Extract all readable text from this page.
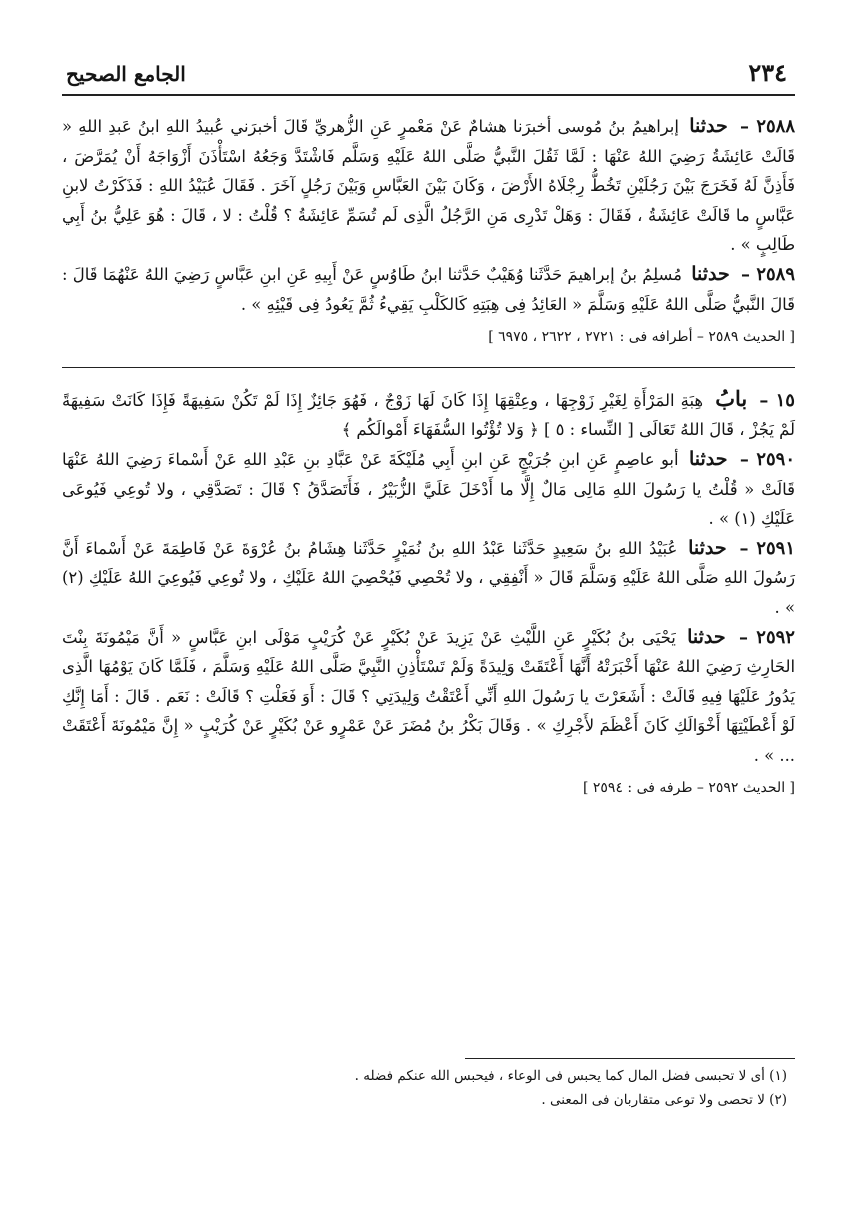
٢٣٤
الجامع الصحيح

٢٥٨٨ – حدثنا إبراهيمُ بنُ مُوسى أخبرَنا هشامٌ عَنْ مَعْمرٍ عَنِ الزُّهريِّ قَالَ أخبرَني عُبيدُ اللهِ ابنُ عَبدِ اللهِ « قَالَتْ عَائِشَةُ رَضِيَ اللهُ عَنْهَا : لَمَّا ثَقُلَ النَّبيُّ صَلَّى اللهُ عَلَيْهِ وَسَلَّم فَاشْتَدَّ وَجَعُهُ اسْتَأْذَنَ أَزْوَاجَهُ أَنْ يُمَرَّضَ ، فَأَذِنَّ لَهُ فَخَرَجَ بَيْنَ رَجُلَيْنِ تَخُطُّ رِجْلَاهُ الأَرْضَ ، وَكَانَ بَيْنَ العَبَّاسِ وَبَيْنَ رَجُلٍ آخَرَ . فَقَالَ عُبَيْدُ اللهِ : فَذَكَرْتُ لابنِ عَبَّاسٍ ما قَالَتْ عَائِشَةُ ، فَقَالَ : وَهَلْ تَدْرِى مَنِ الرَّجُلُ الَّذِى لَم تُسَمِّ عَائِشَةُ ؟ قُلْتُ : لا ، قَالَ : هُوَ عَلِيُّ بنُ أَبِي طَالِبٍ » .

٢٥٨٩ – حدثنا مُسلِمُ بنُ إبراهيمَ حَدَّثَنا وُهَيْبٌ حَدَّثنا ابنُ طَاوُسٍ عَنْ أَبِيهِ عَنِ ابنِ عَبَّاسٍ رَضِيَ اللهُ عَنْهُمَا قَالَ : قَالَ النَّبيُّ صَلَّى اللهُ عَلَيْهِ وَسَلَّمَ « العَائِدُ فِى هِبَتِهِ كَالكَلْبِ يَقِيءُ ثُمَّ يَعُودُ فِى قَيْئِهِ » .

[ الحديث ٢٥٨٩ – أطرافه فى : ٢٧٢١ ، ٢٦٢٢ ، ٦٩٧٥ ]

١٥ – بابُ هِبَةِ المَرْأَةِ لِغَيْرِ زَوْجِهَا ، وعِتْقِهَا إِذَا كَانَ لَهَا زَوْجٌ ، فَهُوَ جَائِزٌ إِذَا لَمْ تَكُنْ سَفِيهَةً فَإِذَا كَانَتْ سَفِيهَةً لَمْ يَجُزْ ، قَالَ اللهُ تَعَالَى [ النِّساء : ٥ ] ﴿ وَلا تُؤْتُوا السُّفَهَاءَ أَمْوالَكُم ﴾

٢٥٩٠ – حدثنا أبو عاصِمٍ عَنِ ابنِ جُرَيْجٍ عَنِ ابنِ أَبِي مُلَيْكَةَ عَنْ عَبَّادِ بنِ عَبْدِ اللهِ عَنْ أَسْماءَ رَضِيَ اللهُ عَنْهَا قَالَتْ « قُلْتُ يا رَسُولَ اللهِ مَالِى مَالٌ إِلَّا ما أَدْخَلَ عَلَيَّ الزُّبَيْرُ ، فَأَتَصَدَّقُ ؟ قَالَ : تَصَدَّقِي ، ولا تُوعِي فَيُوعَى عَلَيْكِ (١) » .

٢٥٩١ – حدثنا عُبَيْدُ اللهِ بنُ سَعِيدٍ حَدَّثَنا عَبْدُ اللهِ بنُ نُمَيْرٍ حَدَّثَنا هِشَامُ بنُ عُرْوَةَ عَنْ فَاطِمَةَ عَنْ أَسْماءَ أَنَّ رَسُولَ اللهِ صَلَّى اللهُ عَلَيْهِ وَسَلَّمَ قَالَ « أَنْفِقِي ، ولا تُحْصِي فَيُحْصِيَ اللهُ عَلَيْكِ ، ولا تُوعِي فَيُوعِيَ اللهُ عَلَيْكِ (٢) » .

٢٥٩٢ – حدثنا يَحْيَى بنُ بُكَيْرٍ عَنِ اللَّيْثِ عَنْ يَزِيدَ عَنْ بُكَيْرٍ عَنْ كُرَيْبٍ مَوْلَى ابنِ عَبَّاسٍ « أَنَّ مَيْمُونَةَ بِنْتَ الحَارِثِ رَضِيَ اللهُ عَنْهَا أَخْبَرَتْهُ أَنَّهَا أَعْتَقَتْ وَلِيدَةً وَلَمْ تَسْتَأْذِنِ النَّبِيَّ صَلَّى اللهُ عَلَيْهِ وَسَلَّمَ ، فَلَمَّا كَانَ يَوْمُهَا الَّذِى يَدُورُ عَلَيْهَا فِيهِ قَالَتْ : أَشَعَرْتَ يا رَسُولَ اللهِ أَنِّي أَعْتَقْتُ وَلِيدَتِي ؟ قَالَ : أَوَ فَعَلْتِ ؟ قَالَتْ : نَعَم . قَالَ : أَمَا إِنَّكِ لَوْ أَعْطَيْتِهَا أَخْوَالَكِ كَانَ أَعْظَمَ لأَجْرِكِ » . وَقَالَ بَكْرُ بنُ مُضَرَ عَنْ عَمْرٍو عَنْ بُكَيْرٍ عَنْ كُرَيْبٍ « إِنَّ مَيْمُونَةَ أَعْتَقَتْ ... » .

[ الحديث ٢٥٩٢ – طرفه فى : ٢٥٩٤ ]

(١) أى لا تحبسى فضل المال كما يحبس فى الوعاء ، فيحبس الله عنكم فضله .

(٢) لا تحصى ولا توعى متقاربان فى المعنى .
